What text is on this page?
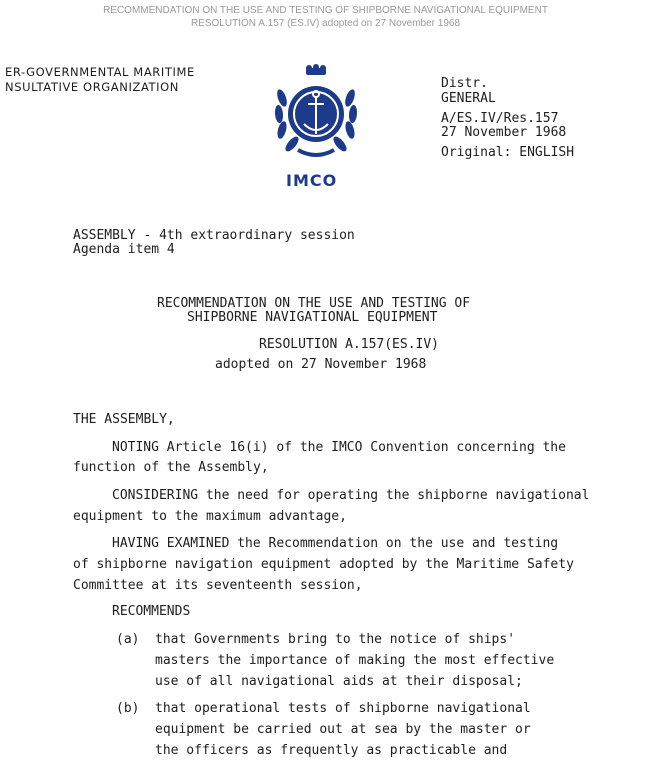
RECOMMENDATION ON THE USE AND TESTING OF SHIPBORNE NAVIGATIONAL EQUIPMENT
RESOLUTION A.157 (ES.IV) adopted on 27 November 1968
ER-GOVERNMENTAL MARITIME
NSULTATIVE ORGANIZATION
IMCO
Distr.
GENERAL
A/ES.IV/Res.157
27 November 1968
Original: ENGLISH
ASSEMBLY - 4th extraordinary session
Agenda item 4
RECOMMENDATION ON THE USE AND TESTING OF
SHIPBORNE NAVIGATIONAL EQUIPMENT
RESOLUTION A.157(ES.IV)
adopted on 27 November 1968
THE ASSEMBLY,
NOTING Article 16(i) of the IMCO Convention concerning the
function of the Assembly,
CONSIDERING the need for operating the shipborne navigational
equipment to the maximum advantage,
HAVING EXAMINED the Recommendation on the use and testing
of shipborne navigation equipment adopted by the Maritime Safety
Committee at its seventeenth session,
RECOMMENDS
(a) that Governments bring to the notice of ships'
masters the importance of making the most effective
use of all navigational aids at their disposal;
(b) that operational tests of shipborne navigational
equipment be carried out at sea by the master or
the officers as frequently as practicable and
